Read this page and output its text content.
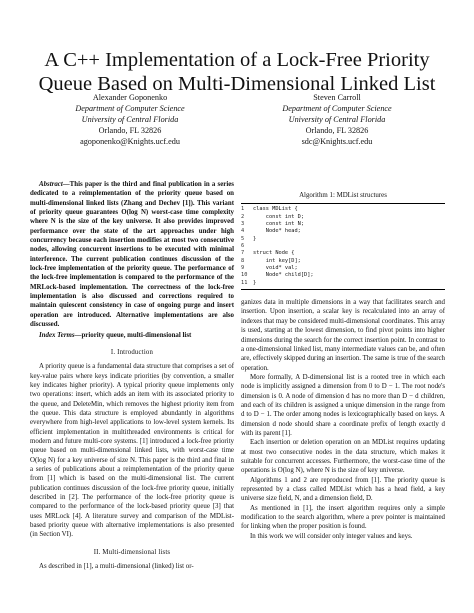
A C++ Implementation of a Lock-Free Priority Queue Based on Multi-Dimensional Linked List
Alexander Goponenko
Department of Computer Science
University of Central Florida
Orlando, FL 32826
agoponenko@Knights.ucf.edu
Steven Carroll
Department of Computer Science
University of Central Florida
Orlando, FL 32826
sdc@Knights.ucf.edu

Abstract—This paper is the third and final publication in a series dedicated to a reimplementation of the priority queue based on multi-dimensional linked lists (Zhang and Dechev [1]). This variant of priority queue guarantees O(log N) worst-case time complexity where N is the size of the key universe. It also provides improved performance over the state of the art approaches under high concurrency because each insertion modifies at most two consecutive nodes, allowing concurrent insertions to be executed with minimal interference. The current publication continues discussion of the lock-free implementation of the priority queue. The performance of the lock-free implementation is compared to the performance of the MRLock-based implementation. The correctness of the lock-free implementation is also discussed and corrections required to maintain quiescent consistency in case of ongoing purge and insert operation are introduced. Alternative implementations are also discussed.

Index Terms—priority queue, multi-dimensional list

I. Introduction

A priority queue is a fundamental data structure that comprises a set of key-value pairs where keys indicate priorities (by convention, a smaller key indicates higher priority). A typical priority queue implements only two operations: insert, which adds an item with its associated priority to the queue, and DeleteMin, which removes the highest priority item from the queue. This data structure is employed abundantly in algorithms everywhere from high-level applications to low-level system kernels. Its efficient implementation in multithreaded environments is critical for modern and future multi-core systems. [1] introduced a lock-free priority queue based on multi-dimensional linked lists, with worst-case time O(log N) for a key universe of size N. This paper is the third and final in a series of publications about a reimplementation of the priority queue from [1] which is based on the multi-dimensional list. The current publication continues discussion of the lock-free priority queue, initially described in [2]. The performance of the lock-free priority queue is compared to the performance of the lock-based priority queue [3] that uses MRLock [4]. A literature survey and comparison of the MDList-based priority queue with alternative implementations is also presented (in Section VI).

II. Multi-dimensional lists

As described in [1], a multi-dimensional (linked) list or-

Algorithm 1: MDList structures
1	class MDList {
2	const int D;
3	const int N;
4	Node* head;
5	}
6

7	struct Node {
8	int key[D];
9	void* val;
10	Node* child[D];
11	}

ganizes data in multiple dimensions in a way that facilitates search and insertion. Upon insertion, a scalar key is recalculated into an array of indexes that may be considered multi-dimensional coordinates. This array is used, starting at the lowest dimension, to find pivot points into higher dimensions during the search for the correct insertion point. In contrast to a one-dimensional linked list, many intermediate values can be, and often are, effectively skipped during an insertion. The same is true of the search operation.

More formally, A D-dimensional list is a rooted tree in which each node is implicitly assigned a dimension from 0 to D − 1. The root node's dimension is 0. A node of dimension d has no more than D − d children, and each of its children is assigned a unique dimension in the range from d to D − 1. The order among nodes is lexicographically based on keys. A dimension d node should share a coordinate prefix of length exactly d with its parent [1].

Each insertion or deletion operation on an MDList requires updating at most two consecutive nodes in the data structure, which makes it suitable for concurrent accesses. Furthermore, the worst-case time of the operations is O(log N), where N is the size of key universe.

Algorithms 1 and 2 are reproduced from [1]. The priority queue is represented by a class called MDList which has a head field, a key universe size field, N, and a dimension field, D.

As mentioned in [1], the insert algorithm requires only a simple modification to the search algorithm, where a prev pointer is maintained for linking when the proper position is found.

In this work we will consider only integer values and keys.
